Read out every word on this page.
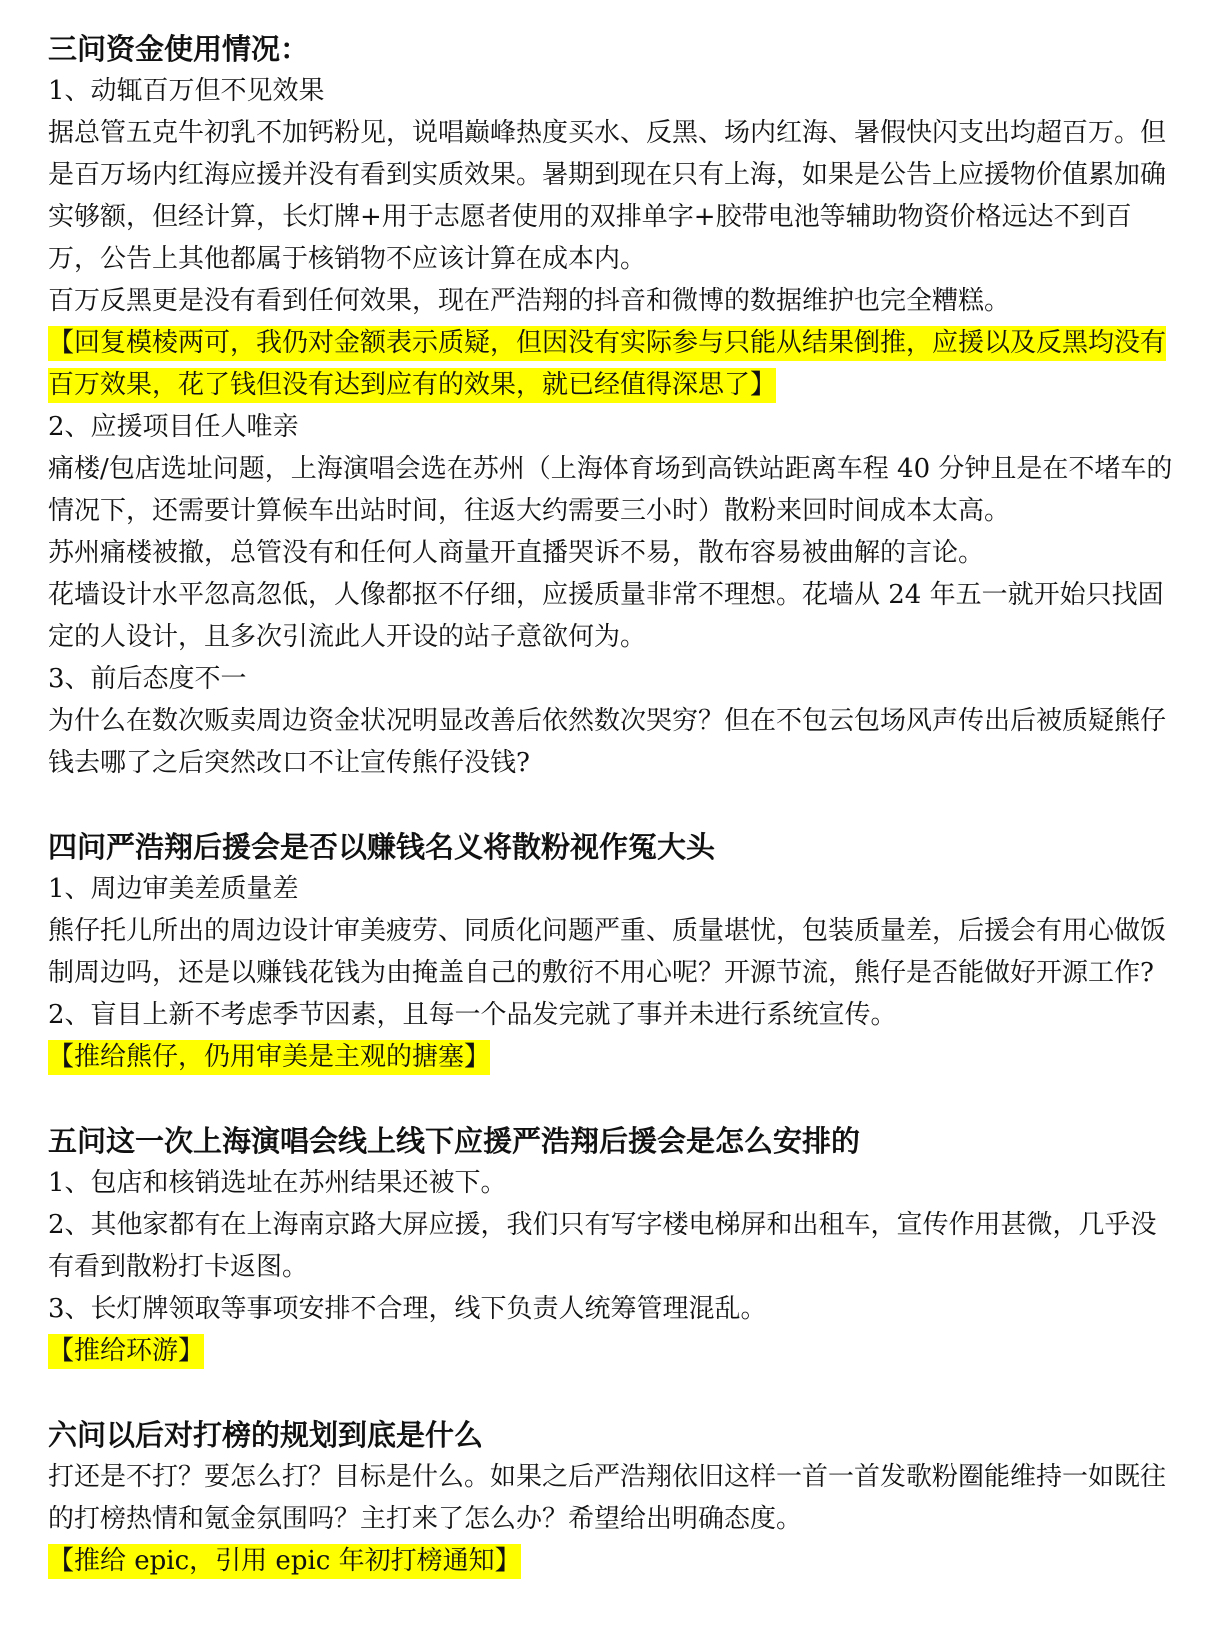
三问资金使用情况：

1、动辄百万但不见效果

据总管五克牛初乳不加钙粉见，说唱巅峰热度买水、反黑、场内红海、暑假快闪支出均超百万。但是百万场内红海应援并没有看到实质效果。暑期到现在只有上海，如果是公告上应援物价值累加确实够额，但经计算，长灯牌+用于志愿者使用的双排单字+胶带电池等辅助物资价格远达不到百万，公告上其他都属于核销物不应该计算在成本内。

百万反黑更是没有看到任何效果，现在严浩翔的抖音和微博的数据维护也完全糟糕。

【回复模棱两可，我仍对金额表示质疑，但因没有实际参与只能从结果倒推，应援以及反黑均没有百万效果，花了钱但没有达到应有的效果，就已经值得深思了】

2、应援项目任人唯亲

痛楼/包店选址问题，上海演唱会选在苏州（上海体育场到高铁站距离车程 40 分钟且是在不堵车的情况下，还需要计算候车出站时间，往返大约需要三小时）散粉来回时间成本太高。

苏州痛楼被撤，总管没有和任何人商量开直播哭诉不易，散布容易被曲解的言论。

花墙设计水平忽高忽低，人像都抠不仔细，应援质量非常不理想。花墙从 24 年五一就开始只找固定的人设计，且多次引流此人开设的站子意欲何为。

3、前后态度不一

为什么在数次贩卖周边资金状况明显改善后依然数次哭穷？但在不包云包场风声传出后被质疑熊仔钱去哪了之后突然改口不让宣传熊仔没钱?

四问严浩翔后援会是否以赚钱名义将散粉视作冤大头

1、周边审美差质量差

熊仔托儿所出的周边设计审美疲劳、同质化问题严重、质量堪忧，包装质量差，后援会有用心做饭制周边吗，还是以赚钱花钱为由掩盖自己的敷衍不用心呢？开源节流，熊仔是否能做好开源工作?

2、盲目上新不考虑季节因素，且每一个品发完就了事并未进行系统宣传。

【推给熊仔，仍用审美是主观的搪塞】

五问这一次上海演唱会线上线下应援严浩翔后援会是怎么安排的

1、包店和核销选址在苏州结果还被下。

2、其他家都有在上海南京路大屏应援，我们只有写字楼电梯屏和出租车，宣传作用甚微，几乎没有看到散粉打卡返图。

3、长灯牌领取等事项安排不合理，线下负责人统筹管理混乱。

【推给环游】

六问以后对打榜的规划到底是什么

打还是不打？要怎么打？目标是什么。如果之后严浩翔依旧这样一首一首发歌粉圈能维持一如既往的打榜热情和氪金氛围吗？主打来了怎么办？希望给出明确态度。

【推给 epic，引用 epic 年初打榜通知】
